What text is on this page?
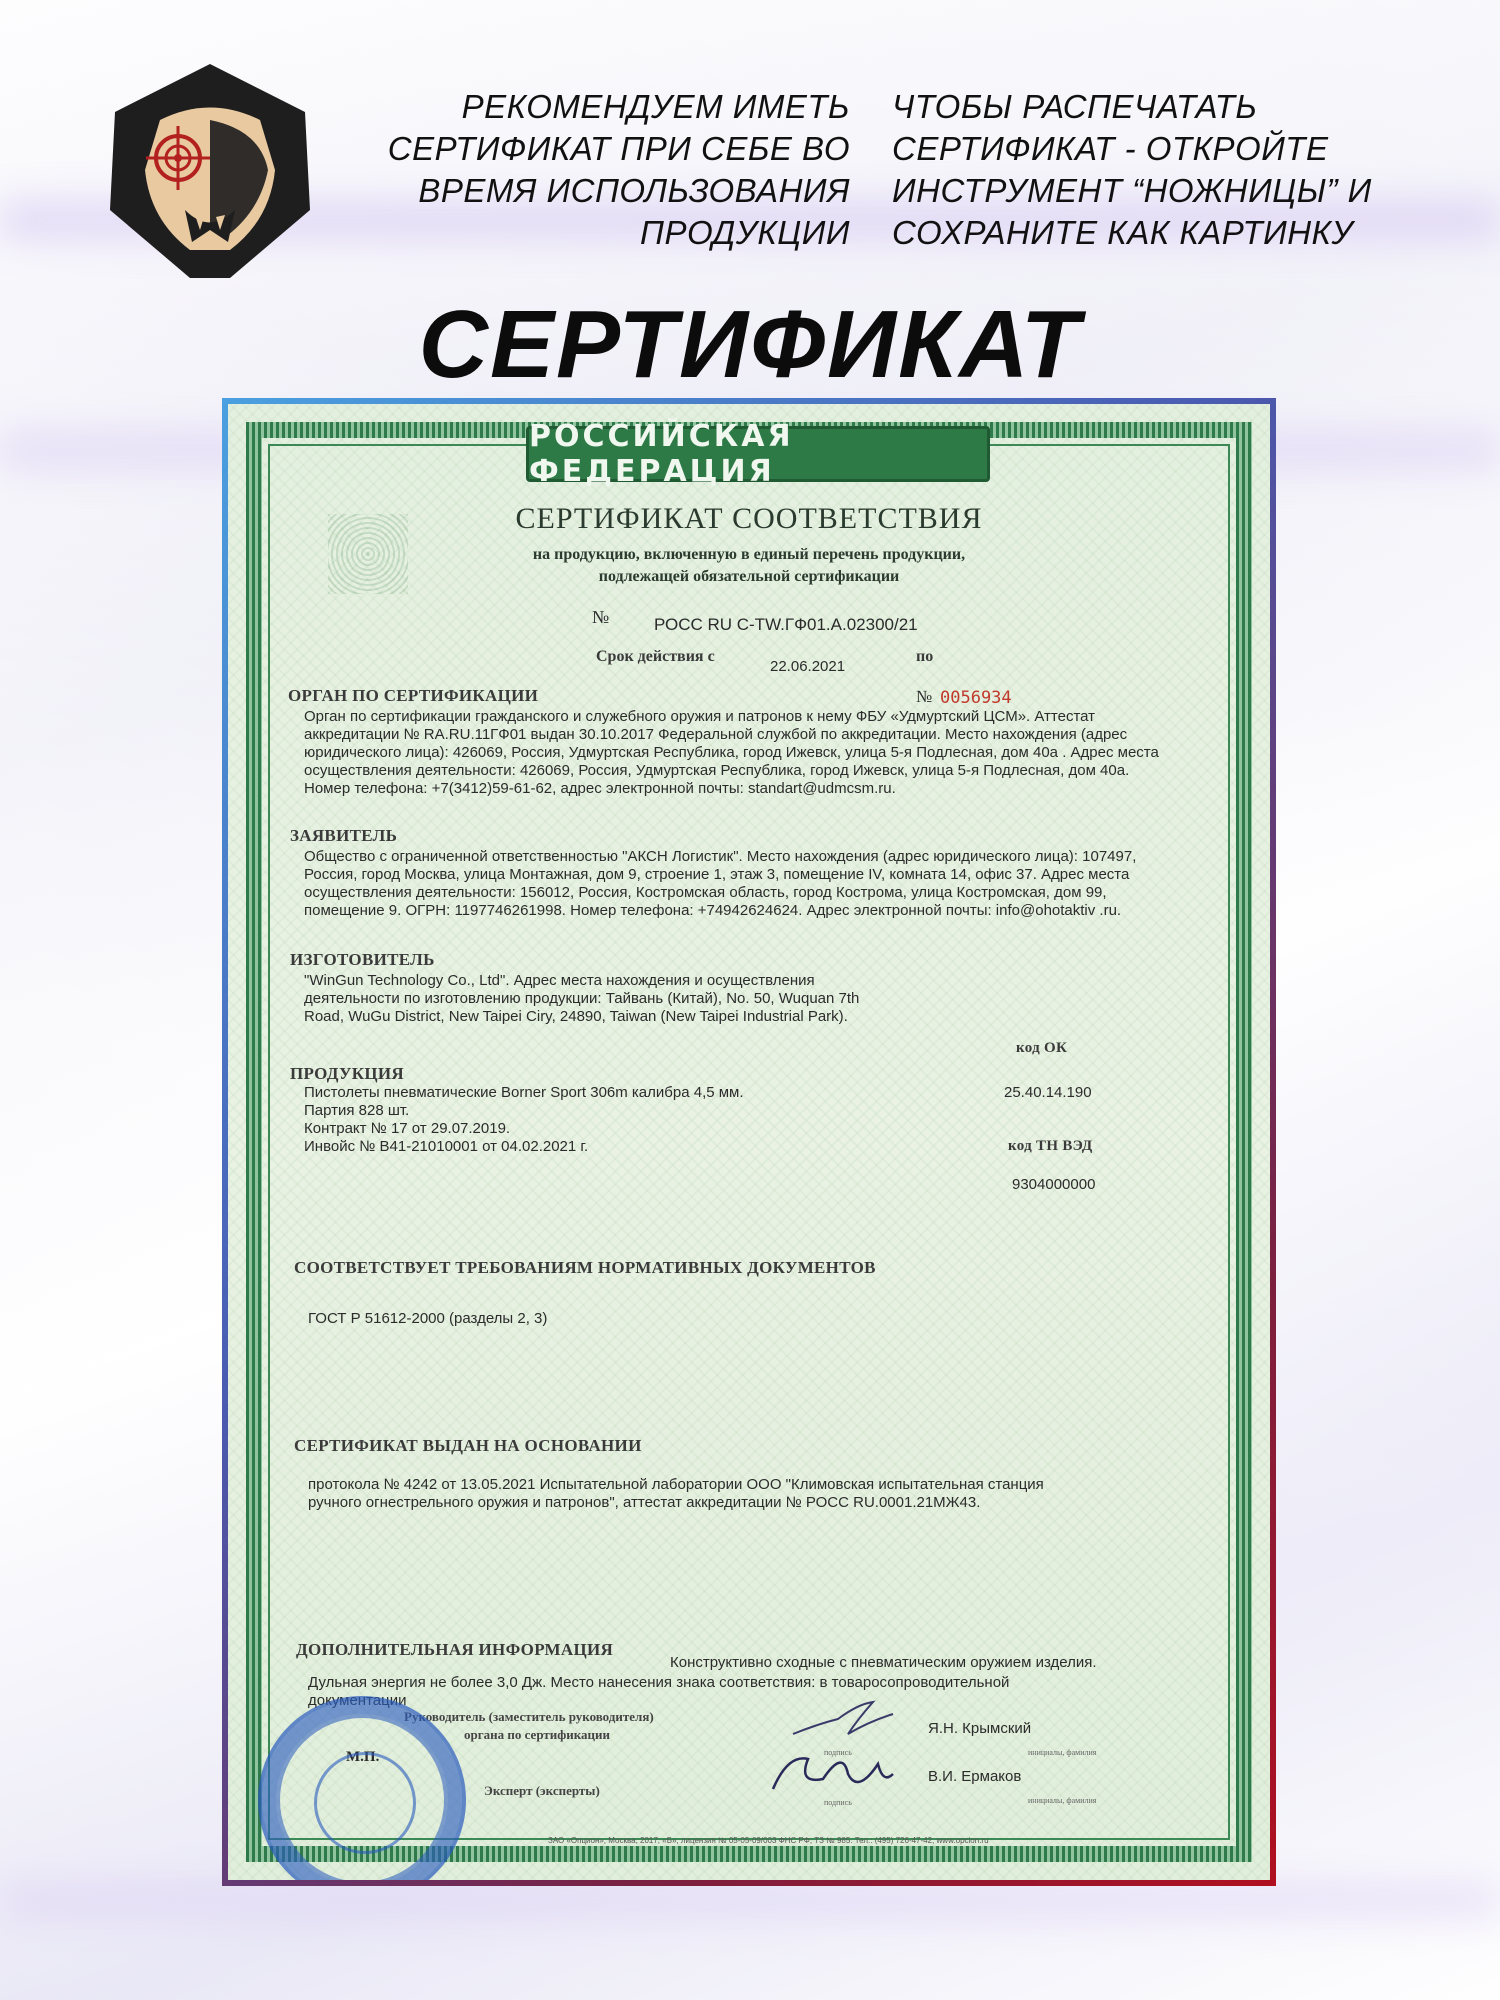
РЕКОМЕНДУЕМ ИМЕТЬ
СЕРТИФИКАТ ПРИ СЕБЕ ВО
ВРЕМЯ ИСПОЛЬЗОВАНИЯ
ПРОДУКЦИИ
ЧТОБЫ РАСПЕЧАТАТЬ
СЕРТИФИКАТ - ОТКРОЙТЕ
ИНСТРУМЕНТ “НОЖНИЦЫ” И
СОХРАНИТЕ КАК КАРТИНКУ
СЕРТИФИКАТ
РОССИЙСКАЯ ФЕДЕРАЦИЯ
СЕРТИФИКАТ СООТВЕТСТВИЯ
на продукцию, включенную в единый перечень продукции,
подлежащей обязательной сертификации
№	РОСС RU С-TW.ГФ01.А.02300/21
Срок действия с
22.06.2021
по
ОРГАН ПО СЕРТИФИКАЦИИ	№ 0056934
Орган по сертификации гражданского и служебного оружия и патронов к нему ФБУ «Удмуртский ЦСМ». Аттестат
аккредитации № RA.RU.11ГФ01 выдан 30.10.2017 Федеральной службой по аккредитации. Место нахождения (адрес
юридического лица): 426069, Россия, Удмуртская Республика, город Ижевск, улица 5-я Подлесная, дом 40а . Адрес места
осуществления деятельности: 426069, Россия, Удмуртская Республика, город Ижевск, улица 5-я Подлесная, дом 40а.
Номер телефона: +7(3412)59-61-62, адрес электронной почты: standart@udmcsm.ru.
ЗАЯВИТЕЛЬ
Общество с ограниченной ответственностью "АКСН Логистик". Место нахождения (адрес юридического лица): 107497,
Россия, город Москва, улица Монтажная, дом 9, строение 1, этаж 3, помещение IV, комната 14, офис 37. Адрес места
осуществления деятельности: 156012, Россия, Костромская область, город Кострома, улица Костромская, дом 99,
помещение 9. ОГРН: 1197746261998. Номер телефона: +74942624624. Адрес электронной почты: info@ohotaktiv .ru.
ИЗГОТОВИТЕЛЬ
"WinGun Technology Co., Ltd". Адрес места нахождения и осуществления
деятельности по изготовлению продукции: Тайвань (Китай), No. 50, Wuquan 7th
Road, WuGu District, New Taipei Ciry, 24890, Taiwan (New Taipei Industrial Park).
код ОК
ПРОДУКЦИЯ
25.40.14.190
Пистолеты пневматические Borner Sport 306m калибра 4,5 мм.
Партия 828 шт.
Контракт № 17 от 29.07.2019.
Инвойс № В41-21010001 от 04.02.2021 г.	код ТН ВЭД
9304000000
СООТВЕТСТВУЕТ ТРЕБОВАНИЯМ НОРМАТИВНЫХ ДОКУМЕНТОВ
ГОСТ Р 51612-2000 (разделы 2, 3)
СЕРТИФИКАТ ВЫДАН НА ОСНОВАНИИ
протокола № 4242 от 13.05.2021 Испытательной лаборатории ООО "Климовская испытательная станция
ручного огнестрельного оружия и патронов", аттестат аккредитации № РОСС RU.0001.21МЖ43.
ДОПОЛНИТЕЛЬНАЯ ИНФОРМАЦИЯ
Конструктивно сходные с пневматическим оружием изделия.
Дульная энергия не более 3,0 Дж. Место нанесения знака соответствия: в товаросопроводительной
документации
Руководитель (заместитель руководителя)
органа по сертификации
М.П.
Я.Н. Крымский
инициалы, фамилия
подпись
Эксперт (эксперты)
В.И. Ермаков
инициалы, фамилия
подпись
ЗАО «Опцион», Москва, 2017, «Б», лицензия № 05-05-09/003 ФНС РФ, ТЗ № 985. Тел.: (495) 726-47-42, www.opcion.ru
